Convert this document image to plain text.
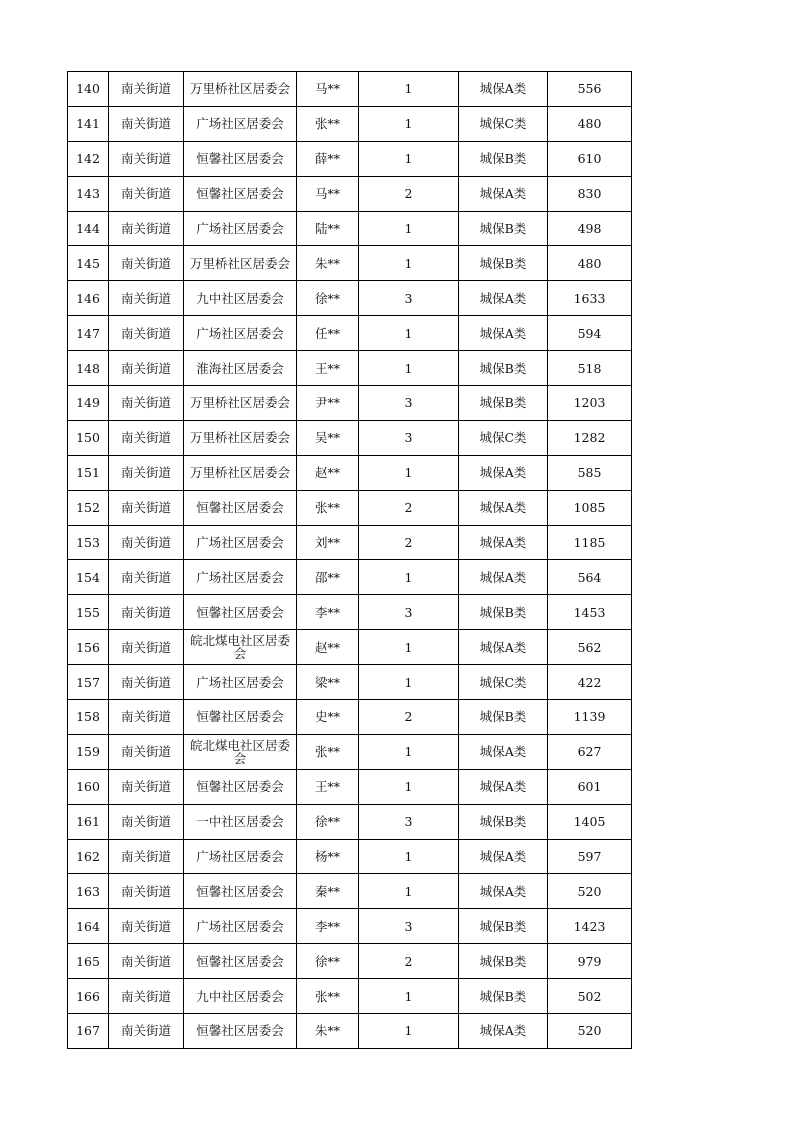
140	南关街道	万里桥社区居委会	马**	1	城保A类	556
141	南关街道	广场社区居委会	张**	1	城保C类	480
142	南关街道	恒馨社区居委会	薛**	1	城保B类	610
143	南关街道	恒馨社区居委会	马**	2	城保A类	830
144	南关街道	广场社区居委会	陆**	1	城保B类	498
145	南关街道	万里桥社区居委会	朱**	1	城保B类	480
146	南关街道	九中社区居委会	徐**	3	城保A类	1633
147	南关街道	广场社区居委会	任**	1	城保A类	594
148	南关街道	淮海社区居委会	王**	1	城保B类	518
149	南关街道	万里桥社区居委会	尹**	3	城保B类	1203
150	南关街道	万里桥社区居委会	吴**	3	城保C类	1282
151	南关街道	万里桥社区居委会	赵**	1	城保A类	585
152	南关街道	恒馨社区居委会	张**	2	城保A类	1085
153	南关街道	广场社区居委会	刘**	2	城保A类	1185
154	南关街道	广场社区居委会	邵**	1	城保A类	564
155	南关街道	恒馨社区居委会	李**	3	城保B类	1453
156	南关街道	皖北煤电社区居委会	赵**	1	城保A类	562
157	南关街道	广场社区居委会	梁**	1	城保C类	422
158	南关街道	恒馨社区居委会	史**	2	城保B类	1139
159	南关街道	皖北煤电社区居委会	张**	1	城保A类	627
160	南关街道	恒馨社区居委会	王**	1	城保A类	601
161	南关街道	一中社区居委会	徐**	3	城保B类	1405
162	南关街道	广场社区居委会	杨**	1	城保A类	597
163	南关街道	恒馨社区居委会	秦**	1	城保A类	520
164	南关街道	广场社区居委会	李**	3	城保B类	1423
165	南关街道	恒馨社区居委会	徐**	2	城保B类	979
166	南关街道	九中社区居委会	张**	1	城保B类	502
167	南关街道	恒馨社区居委会	朱**	1	城保A类	520
